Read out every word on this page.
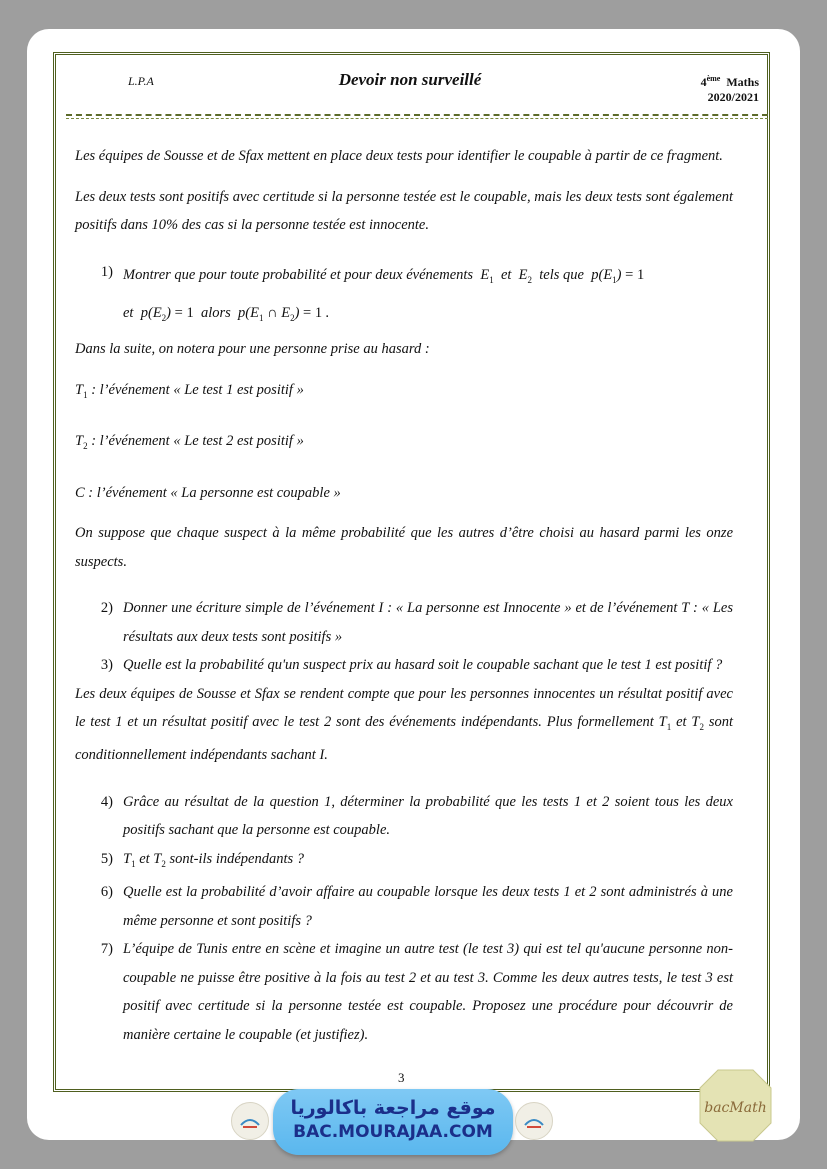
L.P.A	Devoir non surveillé	4ème Maths
2020/2021

Les équipes de Sousse et de Sfax mettent en place deux tests pour identifier le coupable à partir de ce fragment.

Les deux tests sont positifs avec certitude si la personne testée est le coupable, mais les deux tests sont également positifs dans 10% des cas si la personne testée est innocente.

1) Montrer que pour toute probabilité et pour deux événements $E_1$ et $E_2$ tels que $p(E_1) = 1$
et $p(E_2) = 1$ alors $p(E_1$ ∩ $E_2) = 1$ .

Dans la suite, on notera pour une personne prise au hasard :

$T_1$ : l’événement « Le test 1 est positif »

$T_2$ : l’événement « Le test 2 est positif »

C : l’événement « La personne est coupable »

On suppose que chaque suspect à la même probabilité que les autres d’être choisi au hasard parmi les onze suspects.

2) Donner une écriture simple de l’événement I : « La personne est Innocente » et de l’événement T : « Les résultats aux deux tests sont positifs »
3) Quelle est la probabilité qu'un suspect prix au hasard soit le coupable sachant que le test 1 est positif ?

Les deux équipes de Sousse et Sfax se rendent compte que pour les personnes innocentes un résultat positif avec le test 1 et un résultat positif avec le test 2 sont des événements indépendants. Plus formellement $T_1$ et $T_2$ sont conditionnellement indépendants sachant I.

4) Grâce au résultat de la question 1, déterminer la probabilité que les tests 1 et 2 soient tous les deux positifs sachant que la personne est coupable.
5) $T_1$ et $T_2$ sont-ils indépendants ?
6) Quelle est la probabilité d’avoir affaire au coupable lorsque les deux tests 1 et 2 sont administrés à une même personne et sont positifs ?
7) L’équipe de Tunis entre en scène et imagine un autre test (le test 3) qui est tel qu'aucune personne non-coupable ne puisse être positive à la fois au test 2 et au test 3. Comme les deux autres tests, le test 3 est positif avec certitude si la personne testée est coupable. Proposez une procédure pour découvrir de manière certaine le coupable (et justifiez).
3
موقع مراجعة باكالوريا
BAC.MOURAJAA.COM
bacMath
